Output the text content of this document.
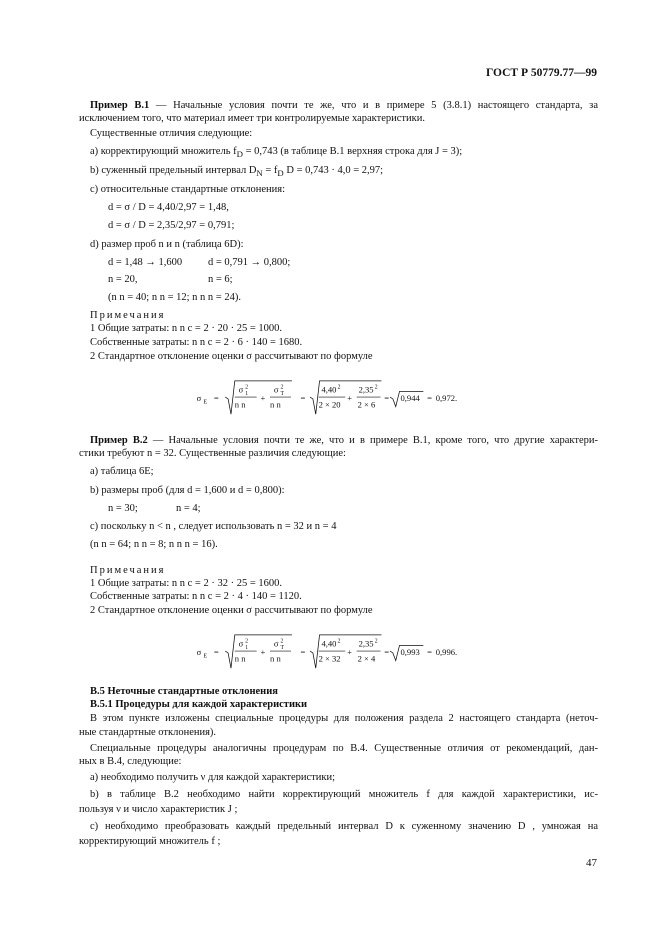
ГОСТ Р 50779.77—99
Пример В.1 — Начальные условия почти те же, что и в примере 5 (3.8.1) настоящего стандарта, за
исключением того, что материал имеет три контролируемые характеристики.
Существенные отличия следующие:
а) корректирующий множитель $f_D = 0,743$ (в таблице В.1 верхняя строка для J = 3);
b) суженный предельный интервал $D_N = f_D$ D = 0,743 · 4,0 = 2,97;
c) относительные стандартные отклонения:
d = σ / D = 4,40/2,97 = 1,48,
d = σ / D = 2,35/2,97 = 0,791;
d) размер проб n и n (таблица 6D):
d = 1,48 → 1,600	d = 0,791 → 0,800;
n = 20,	n = 6;
(n n = 40; n n = 12; n n n = 24).
Примечания
1 Общие затраты: n n c = 2 · 20 · 25 = 1000.
Собственные затраты: n n c = 2 · 6 · 140 = 1680.
2 Стандартное отклонение оценки σ рассчитывают по формуле
σ E =
σ 2
1
n n
+
σ 2
Т
n n
=
4,40 2
2 × 20
+
2,35 2
2 × 6
= 0,944 = 0,972.
Пример В.2 — Начальные условия почти те же, что и в примере В.1, кроме того, что другие характери-
стики требуют n = 32. Существенные различия следующие:
а) таблица 6Е;
b) размеры проб (для d = 1,600 и d = 0,800):
n = 30;	n = 4;
c) поскольку n < n , следует использовать n = 32 и n = 4
(n n = 64; n n = 8; n n n = 16).
Примечания
1 Общие затраты: n n c = 2 · 32 · 25 = 1600.
Собственные затраты: n n c = 2 · 4 · 140 = 1120.
2 Стандартное отклонение оценки σ рассчитывают по формуле
σ E =
σ 2
1
n n
+
σ 2
Т
n n
=
4,40 2
2 × 32
+
2,35 2
2 × 4
= 0,993 = 0,996.
В.5 Неточные стандартные отклонения
В.5.1 Процедуры для каждой характеристики
В этом пункте изложены специальные процедуры для положения раздела 2 настоящего стандарта (неточ-
ные стандартные отклонения).
Специальные процедуры аналогичны процедурам по В.4. Существенные отличия от рекомендаций, дан-
ных в В.4, следующие:
а) необходимо получить ν для каждой характеристики;
b) в таблице В.2 необходимо найти корректирующий множитель f для каждой характеристики, ис-
пользуя ν и число характеристик J ;
c) необходимо преобразовать каждый предельный интервал D к суженному значению D , умножая на
корректирующий множитель f ;
47
